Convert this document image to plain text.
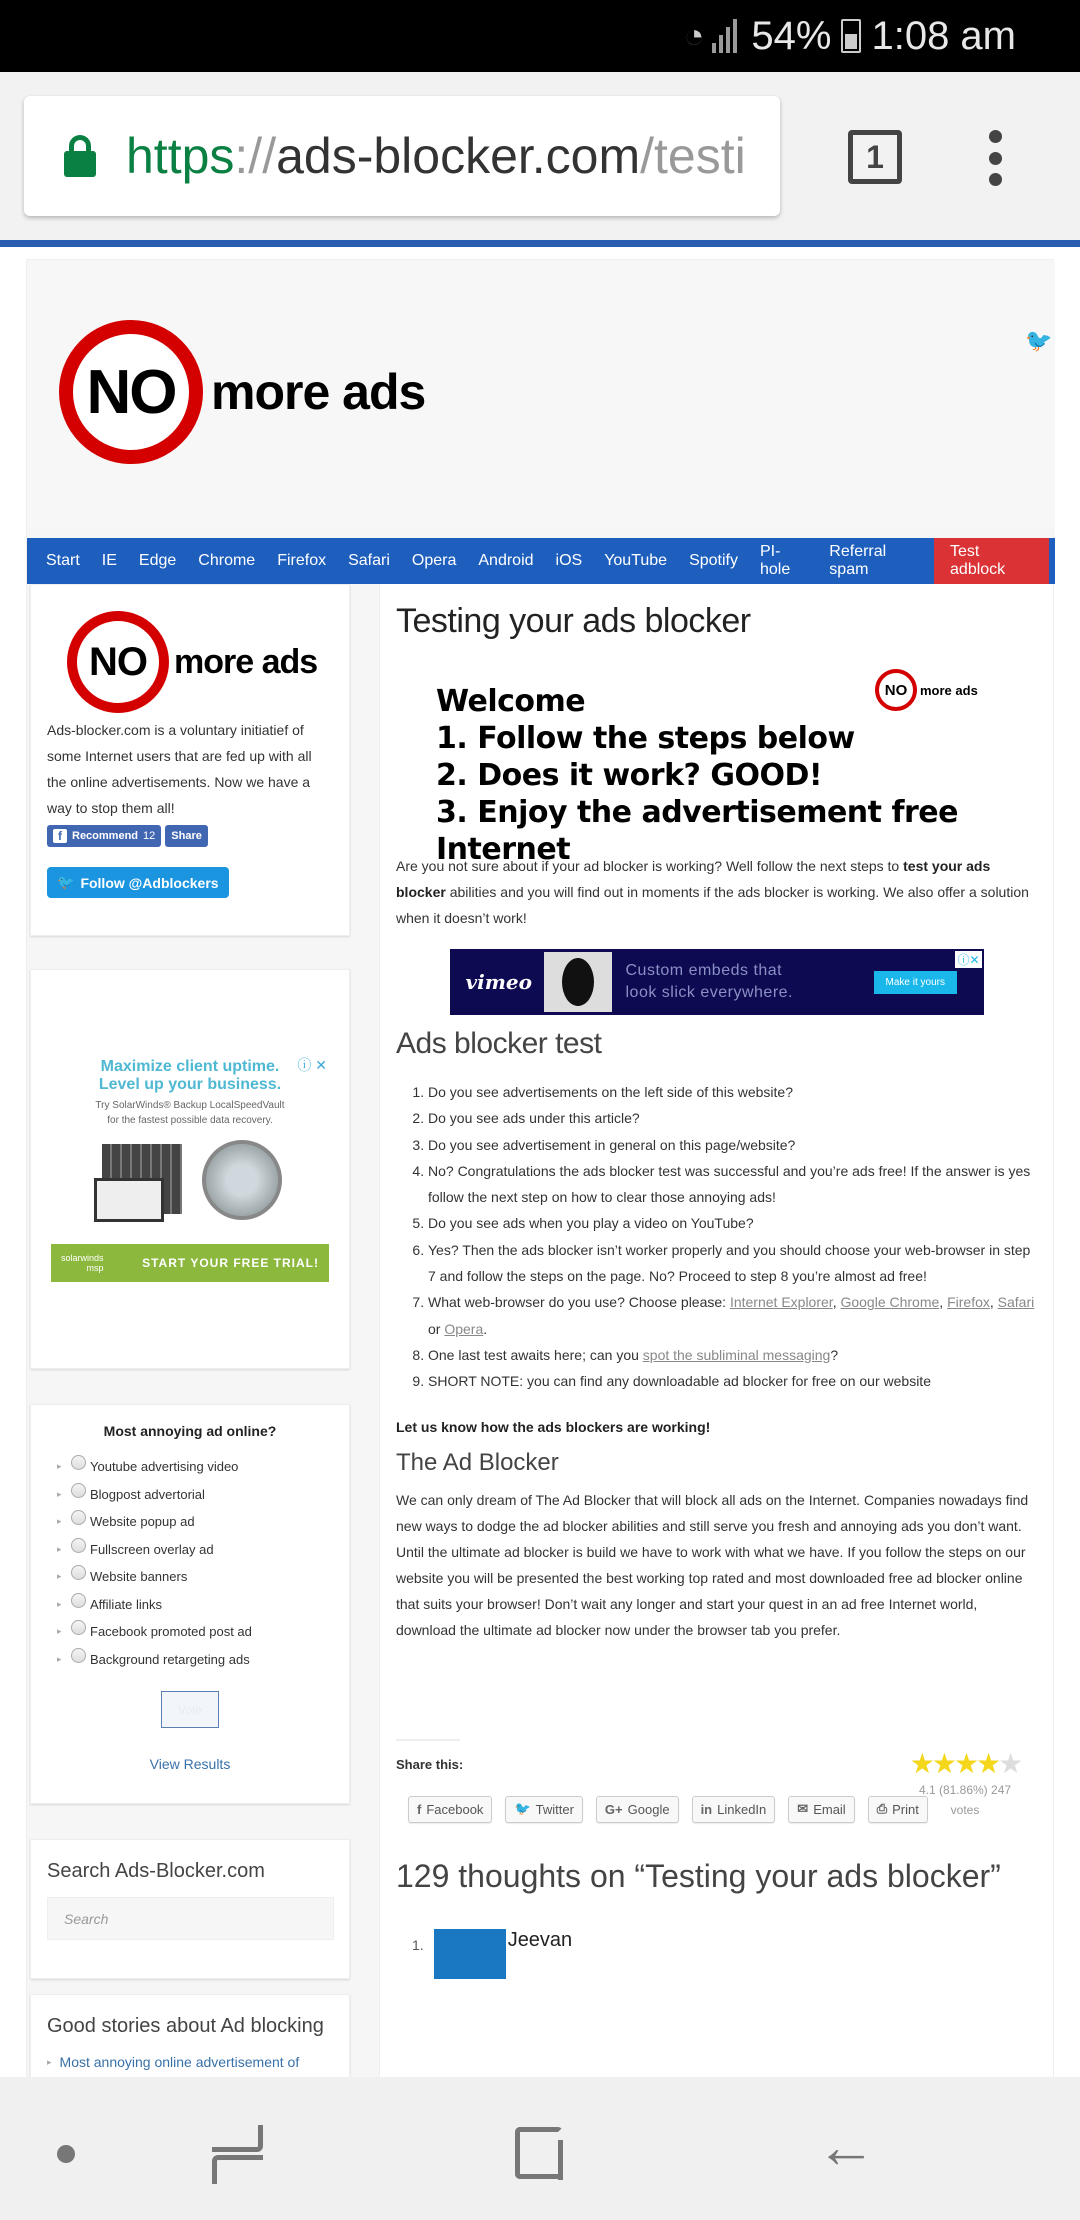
◔ 54% 1:08 am
https :// ads-blocker.com /testi	1
NO more ads
🐦
Start	IE	Edge	Chrome	Firefox	Safari	Opera	Android	iOS	YouTube	Spotify
PI-hole
Referral spam
Test adblock
NO more ads

Ads-blocker.com is a voluntary initiatief of some Internet users that are fed up with all the online advertisements. Now we have a way to stop them all!

f Recommend 12	Share
🐦 Follow @Adblockers
ⓘ ✕
Maximize client uptime.
Level up your business.
Try SolarWinds® Backup LocalSpeedVault
for the fastest possible data recovery.
solarwinds
msp	START YOUR FREE TRIAL!
Most annoying ad online?
▸	Youtube advertising video
▸	Blogpost advertorial
▸	Website popup ad
▸	Fullscreen overlay ad
▸	Website banners
▸	Affiliate links
▸	Facebook promoted post ad
▸	Background retargeting ads
Vote
View Results
Search Ads-Blocker.com
Search
Good stories about Ad blocking
▸ Most annoying online advertisement of
Testing your ads blocker
Welcome
1. Follow the steps below
2. Does it work? GOOD!
3. Enjoy the advertisement free Internet
NO more ads

Are you not sure about if your ad blocker is working? Well follow the next steps to test your ads blocker abilities and you will find out in moments if the ads blocker is working. We also offer a solution when it doesn’t work!

vimeo	Custom embeds that
look slick everywhere.
Make it yours
ⓘ✕
Ads blocker test
1. Do you see advertisements on the left side of this website?
2. Do you see ads under this article?
3. Do you see advertisement in general on this page/website?
4. No? Congratulations the ads blocker test was successful and you’re ads free! If the answer is yes follow the next step on how to clear those annoying ads!
5. Do you see ads when you play a video on YouTube?
6. Yes? Then the ads blocker isn’t worker properly and you should choose your web-browser in step 7 and follow the steps on the page. No? Proceed to step 8 you’re almost ad free!
7. What web-browser do you use? Choose please: Internet Explorer, Google Chrome, Firefox, Safari or Opera.
8. One last test awaits here; can you spot the subliminal messaging?
9. SHORT NOTE: you can find any downloadable ad blocker for free on our website

Let us know how the ads blockers are working!

The Ad Blocker

We can only dream of The Ad Blocker that will block all ads on the Internet. Companies nowadays find new ways to dodge the ad blocker abilities and still serve you fresh and annoying ads you don’t want. Until the ultimate ad blocker is build we have to work with what we have. If you follow the steps on our website you will be presented the best working top rated and most downloaded free ad blocker online that suits your browser! Don’t wait any longer and start your quest in an ad free Internet world, download the ultimate ad blocker now under the browser tab you prefer.

★★★★★
4.1 (81.86%) 247
votes
Share this:
f Facebook 🐦 Twitter G+ Google in LinkedIn ✉ Email ⎙ Print
129 thoughts on “Testing your ads blocker”
1.	Jeevan
←
